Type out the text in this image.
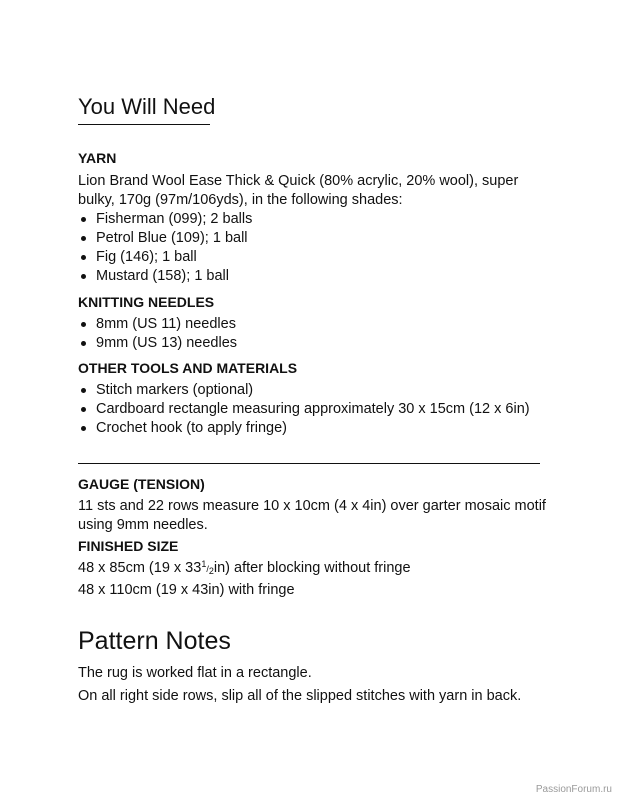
You Will Need
YARN

Lion Brand Wool Ease Thick & Quick (80% acrylic, 20% wool), super bulky, 170g (97m/106yds), in the following shades:

Fisherman (099); 2 balls
Petrol Blue (109); 1 ball
Fig (146); 1 ball
Mustard (158); 1 ball
KNITTING NEEDLES
8mm (US 11) needles
9mm (US 13) needles
OTHER TOOLS AND MATERIALS
Stitch markers (optional)
Cardboard rectangle measuring approximately 30 x 15cm (12 x 6in)
Crochet hook (to apply fringe)
GAUGE (TENSION)

11 sts and 22 rows measure 10 x 10cm (4 x 4in) over garter mosaic motif using 9mm needles.

FINISHED SIZE
48 x 85cm (19 x 331/2in) after blocking without fringe
48 x 110cm (19 x 43in) with fringe
Pattern Notes
The rug is worked flat in a rectangle.
On all right side rows, slip all of the slipped stitches with yarn in back.
PassionForum.ru
